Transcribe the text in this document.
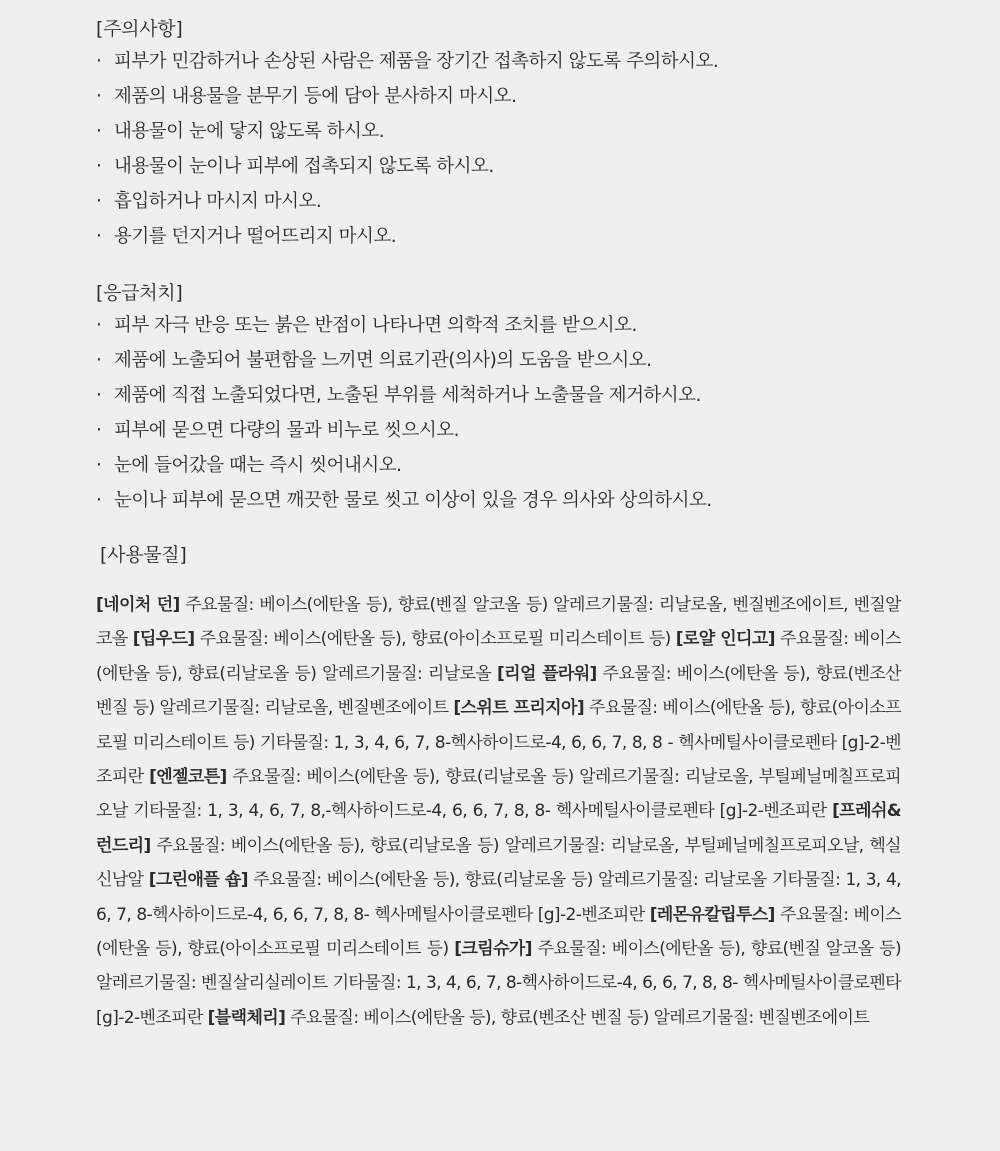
[주의사항]
· 피부가 민감하거나 손상된 사람은 제품을 장기간 접촉하지 않도록 주의하시오.
· 제품의 내용물을 분무기 등에 담아 분사하지 마시오.
· 내용물이 눈에 닿지 않도록 하시오.
· 내용물이 눈이나 피부에 접촉되지 않도록 하시오.
· 흡입하거나 마시지 마시오.
· 용기를 던지거나 떨어뜨리지 마시오.
[응급처치]
· 피부 자극 반응 또는 붉은 반점이 나타나면 의학적 조치를 받으시오.
· 제품에 노출되어 불편함을 느끼면 의료기관(의사)의 도움을 받으시오.
· 제품에 직접 노출되었다면, 노출된 부위를 세척하거나 노출물을 제거하시오.
· 피부에 묻으면 다량의 물과 비누로 씻으시오.
· 눈에 들어갔을 때는 즉시 씻어내시오.
· 눈이나 피부에 묻으면 깨끗한 물로 씻고 이상이 있을 경우 의사와 상의하시오.
[사용물질]

[네이처 던] 주요물질: 베이스(에탄올 등), 향료(벤질 알코올 등) 알레르기물질: 리날로올, 벤질벤조에이트, 벤질알코올 [딥우드] 주요물질: 베이스(에탄올 등), 향료(아이소프로필 미리스테이트 등) [로얄 인디고] 주요물질: 베이스(에탄올 등), 향료(리날로올 등) 알레르기물질: 리날로올 [리얼 플라워] 주요물질: 베이스(에탄올 등), 향료(벤조산 벤질 등) 알레르기물질: 리날로올, 벤질벤조에이트 [스위트 프리지아] 주요물질: 베이스(에탄올 등), 향료(아이소프로필 미리스테이트 등) 기타물질: 1, 3, 4, 6, 7, 8-헥사하이드로-4, 6, 6, 7, 8, 8 - 헥사메틸사이클로펜타 [g]-2-벤조피란 [엔젤코튼] 주요물질: 베이스(에탄올 등), 향료(리날로올 등) 알레르기물질: 리날로올, 부틸페닐메칠프로피오날 기타물질: 1, 3, 4, 6, 7, 8,-헥사하이드로-4, 6, 6, 7, 8, 8- 헥사메틸사이클로펜타 [g]-2-벤조피란 [프레쉬&런드리] 주요물질: 베이스(에탄올 등), 향료(리날로올 등) 알레르기물질: 리날로올, 부틸페닐메칠프로피오날, 헥실신남알 [그린애플 숍] 주요물질: 베이스(에탄올 등), 향료(리날로올 등) 알레르기물질: 리날로올 기타물질: 1, 3, 4, 6, 7, 8-헥사하이드로-4, 6, 6, 7, 8, 8- 헥사메틸사이클로펜타 [g]-2-벤조피란 [레몬유칼립투스] 주요물질: 베이스(에탄올 등), 향료(아이소프로필 미리스테이트 등) [크림슈가] 주요물질: 베이스(에탄올 등), 향료(벤질 알코올 등) 알레르기물질: 벤질살리실레이트 기타물질: 1, 3, 4, 6, 7, 8-헥사하이드로-4, 6, 6, 7, 8, 8- 헥사메틸사이클로펜타 [g]-2-벤조피란 [블랙체리] 주요물질: 베이스(에탄올 등), 향료(벤조산 벤질 등) 알레르기물질: 벤질벤조에이트
